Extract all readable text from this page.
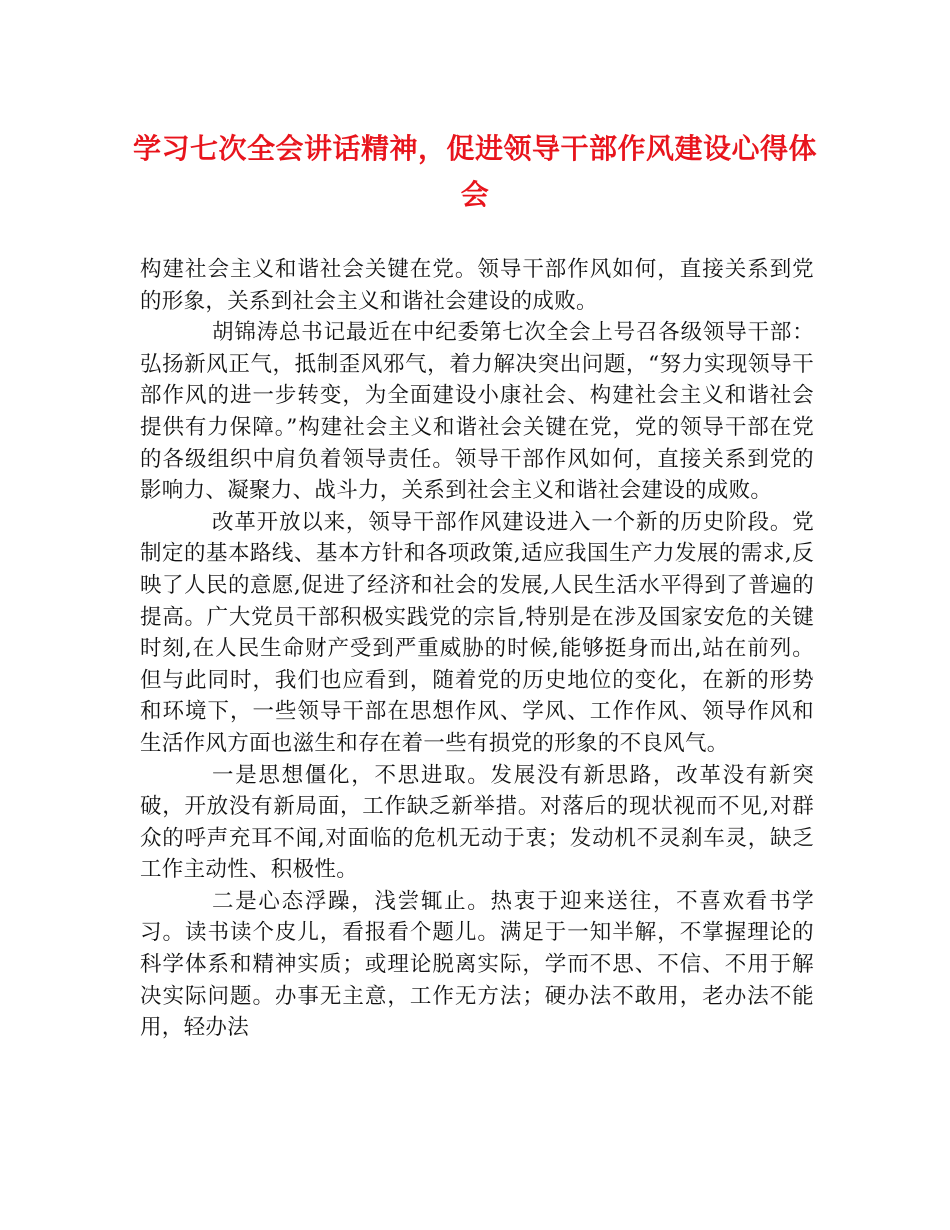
学习七次全会讲话精神，促进领导干部作风建设心得体会

构建社会主义和谐社会关键在党。领导干部作风如何，直接关系到党的形象，关系到社会主义和谐社会建设的成败。

胡锦涛总书记最近在中纪委第七次全会上号召各级领导干部：弘扬新风正气，抵制歪风邪气，着力解决突出问题，“努力实现领导干部作风的进一步转变，为全面建设小康社会、构建社会主义和谐社会提供有力保障。”构建社会主义和谐社会关键在党，党的领导干部在党的各级组织中肩负着领导责任。领导干部作风如何，直接关系到党的影响力、凝聚力、战斗力，关系到社会主义和谐社会建设的成败。

改革开放以来，领导干部作风建设进入一个新的历史阶段。党制定的基本路线、基本方针和各项政策,适应我国生产力发展的需求,反映了人民的意愿,促进了经济和社会的发展,人民生活水平得到了普遍的提高。广大党员干部积极实践党的宗旨,特别是在涉及国家安危的关键时刻,在人民生命财产受到严重威胁的时候,能够挺身而出,站在前列。但与此同时，我们也应看到，随着党的历史地位的变化，在新的形势和环境下，一些领导干部在思想作风、学风、工作作风、领导作风和生活作风方面也滋生和存在着一些有损党的形象的不良风气。

一是思想僵化，不思进取。发展没有新思路，改革没有新突破，开放没有新局面，工作缺乏新举措。对落后的现状视而不见,对群众的呼声充耳不闻,对面临的危机无动于衷；发动机不灵刹车灵，缺乏工作主动性、积极性。

二是心态浮躁，浅尝辄止。热衷于迎来送往，不喜欢看书学习。读书读个皮儿，看报看个题儿。满足于一知半解，不掌握理论的科学体系和精神实质；或理论脱离实际，学而不思、不信、不用于解决实际问题。办事无主意，工作无方法；硬办法不敢用，老办法不能用，轻办法
